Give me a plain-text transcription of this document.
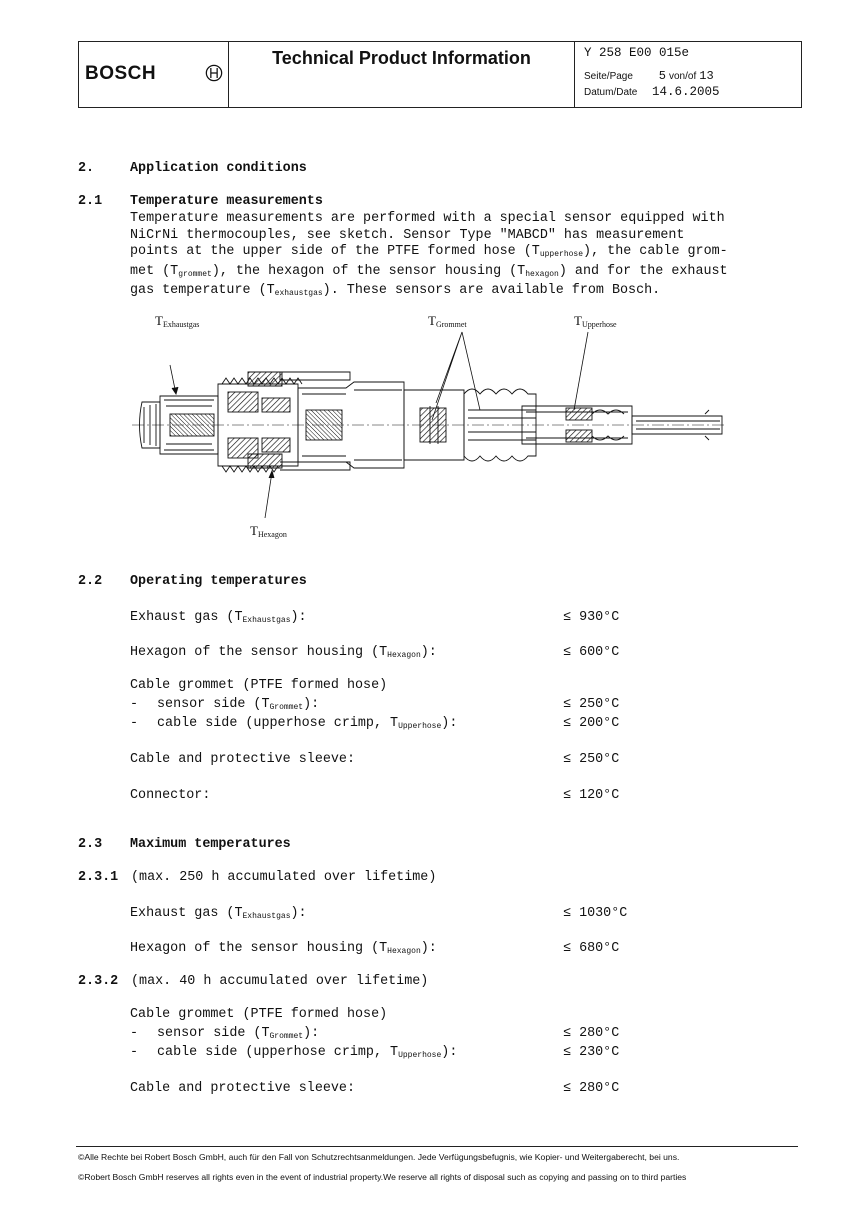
BOSCH
Technical Product Information	Y 258 E00 015e
Seite/Page 5 von/of 13
Datum/Date 14.6.2005
2.	Application conditions
2.1 Temperature measurements
Temperature measurements are performed with a special sensor equipped with
NiCrNi thermocouples, see sketch. Sensor Type "MABCD" has measurement
points at the upper side of the PTFE formed hose $(T_{upperhose})$, the cable grom-
met $(T_{grommet})$, the hexagon of the sensor housing $(T_{hexagon})$ and for the exhaust
gas temperature $(T_{exhaustgas})$. These sensors are available from Bosch.
$T_{Exhaustgas}$	$T_{Grommet}$	$T_{Upperhose}$
$T_{Hexagon}$
2.2 Operating temperatures
Exhaust gas $(T_{Exhaustgas})$:	≤ 930°C
Hexagon of the sensor housing $(T_{Hexagon})$:	≤ 600°C
Cable grommet (PTFE formed hose)
- sensor side $(T_{Grommet})$:	≤ 250°C
- cable side (upperhose crimp, $T_{Upperhose}$):	≤ 200°C
Cable and protective sleeve:	≤ 250°C
Connector:	≤ 120°C
2.3 Maximum temperatures
2.3.1 (max. 250 h accumulated over lifetime)
Exhaust gas $(T_{Exhaustgas})$:	≤ 1030°C
Hexagon of the sensor housing $(T_{Hexagon})$:	≤ 680°C
2.3.2 (max. 40 h accumulated over lifetime)
Cable grommet (PTFE formed hose)
- sensor side $(T_{Grommet})$:	≤ 280°C
- cable side (upperhose crimp, $T_{Upperhose}$):	≤ 230°C
Cable and protective sleeve:	≤ 280°C
©Alle Rechte bei Robert Bosch GmbH, auch für den Fall von Schutzrechtsanmeldungen. Jede Verfügungsbefugnis, wie Kopier- und Weitergaberecht, bei uns.
©Robert Bosch GmbH reserves all rights even in the event of industrial property.We reserve all rights of disposal such as copying and passing on to third parties
